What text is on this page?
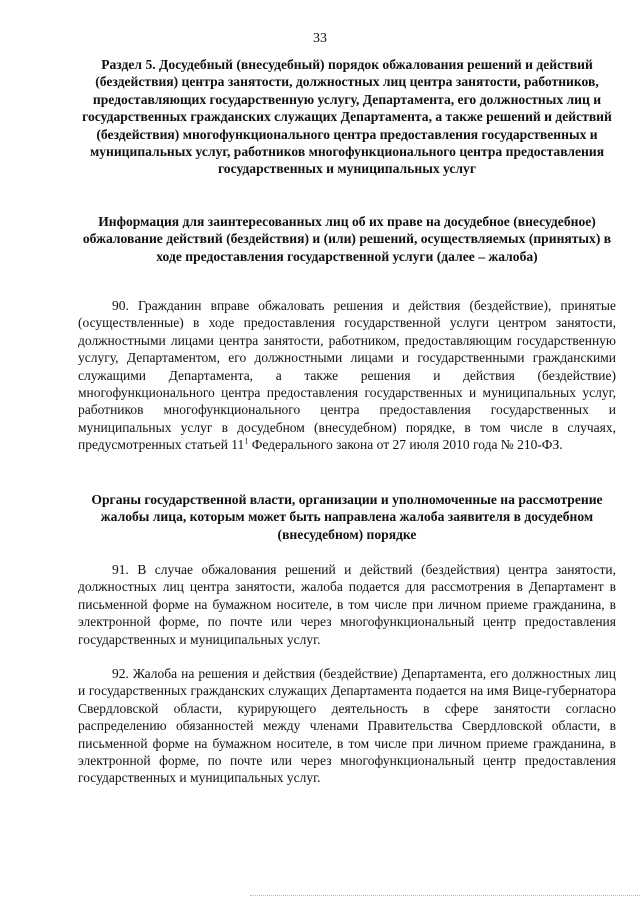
33
Раздел 5. Досудебный (внесудебный) порядок обжалования решений и действий (бездействия) центра занятости, должностных лиц центра занятости, работников, предоставляющих государственную услугу, Департамента, его должностных лиц и государственных гражданских служащих Департамента, а также решений и действий (бездействия) многофункционального центра предоставления государственных и муниципальных услуг, работников многофункционального центра предоставления государственных и муниципальных услуг
Информация для заинтересованных лиц об их праве на досудебное (внесудебное) обжалование действий (бездействия) и (или) решений, осуществляемых (принятых) в ходе предоставления государственной услуги (далее – жалоба)

90. Гражданин вправе обжаловать решения и действия (бездействие), принятые (осуществленные) в ходе предоставления государственной услуги центром занятости, должностными лицами центра занятости, работником, предоставляющим государственную услугу, Департаментом, его должностными лицами и государственными гражданскими служащими Департамента, а также решения и действия (бездействие) многофункционального центра предоставления государственных и муниципальных услуг, работников многофункционального центра предоставления государственных и муниципальных услуг в досудебном (внесудебном) порядке, в том числе в случаях, предусмотренных статьей $11^1$ Федерального закона от 27 июля 2010 года № 210-ФЗ.

Органы государственной власти, организации и уполномоченные на рассмотрение жалобы лица, которым может быть направлена жалоба заявителя в досудебном (внесудебном) порядке

91. В случае обжалования решений и действий (бездействия) центра занятости, должностных лиц центра занятости, жалоба подается для рассмотрения в Департамент в письменной форме на бумажном носителе, в том числе при личном приеме гражданина, в электронной форме, по почте или через многофункциональный центр предоставления государственных и муниципальных услуг.

92. Жалоба на решения и действия (бездействие) Департамента, его должностных лиц и государственных гражданских служащих Департамента подается на имя Вице-губернатора Свердловской области, курирующего деятельность в сфере занятости согласно распределению обязанностей между членами Правительства Свердловской области, в письменной форме на бумажном носителе, в том числе при личном приеме гражданина, в электронной форме, по почте или через многофункциональный центр предоставления государственных и муниципальных услуг.
